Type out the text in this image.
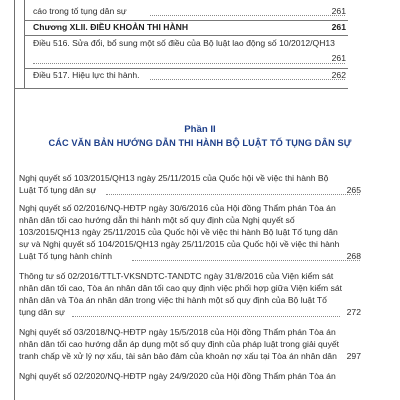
cáo trong tố tụng dân sự	261
Chương XLII. ĐIỀU KHOẢN THI HÀNH	261
Điều 516. Sửa đổi, bổ sung một số điều của Bộ luật lao động số 10/2012/QH13
261
Điều 517. Hiệu lực thi hành.	262
Phần II
CÁC VĂN BẢN HƯỚNG DẪN THI HÀNH BỘ LUẬT TỐ TỤNG DÂN SỰ
Nghị quyết số 103/2015/QH13 ngày 25/11/2015 của Quốc hội về việc thi hành Bộ
Luật Tố tụng dân sự	265
Nghị quyết số 02/2016/NQ-HĐTP ngày 30/6/2016 của Hội đồng Thẩm phán Tòa án
nhân dân tối cao hướng dẫn thi hành một số quy định của Nghị quyết số
103/2015/QH13 ngày 25/11/2015 của Quốc hội về việc thi hành Bộ luật Tố tụng dân
sự và Nghị quyết số 104/2015/QH13 ngày 25/11/2015 của Quốc hội về việc thi hành
Luật Tố tụng hành chính	268
Thông tư số 02/2016/TTLT-VKSNDTC-TANDTC ngày 31/8/2016 của Viện kiểm sát
nhân dân tối cao, Tòa án nhân dân tối cao quy định việc phối hợp giữa Viện kiểm sát
nhân dân và Tòa án nhân dân trong việc thi hành một số quy định của Bộ luật Tố
tụng dân sự	272
Nghị quyết số 03/2018/NQ-HĐTP ngày 15/5/2018 của Hội đồng Thẩm phán Tòa án
nhân dân tối cao hướng dẫn áp dụng một số quy định của pháp luật trong giải quyết
tranh chấp về xử lý nợ xấu, tài sản bảo đảm của khoản nợ xấu tại Tòa án nhân dân	297
Nghị quyết số 02/2020/NQ-HĐTP ngày 24/9/2020 của Hội đồng Thẩm phán Tòa án
